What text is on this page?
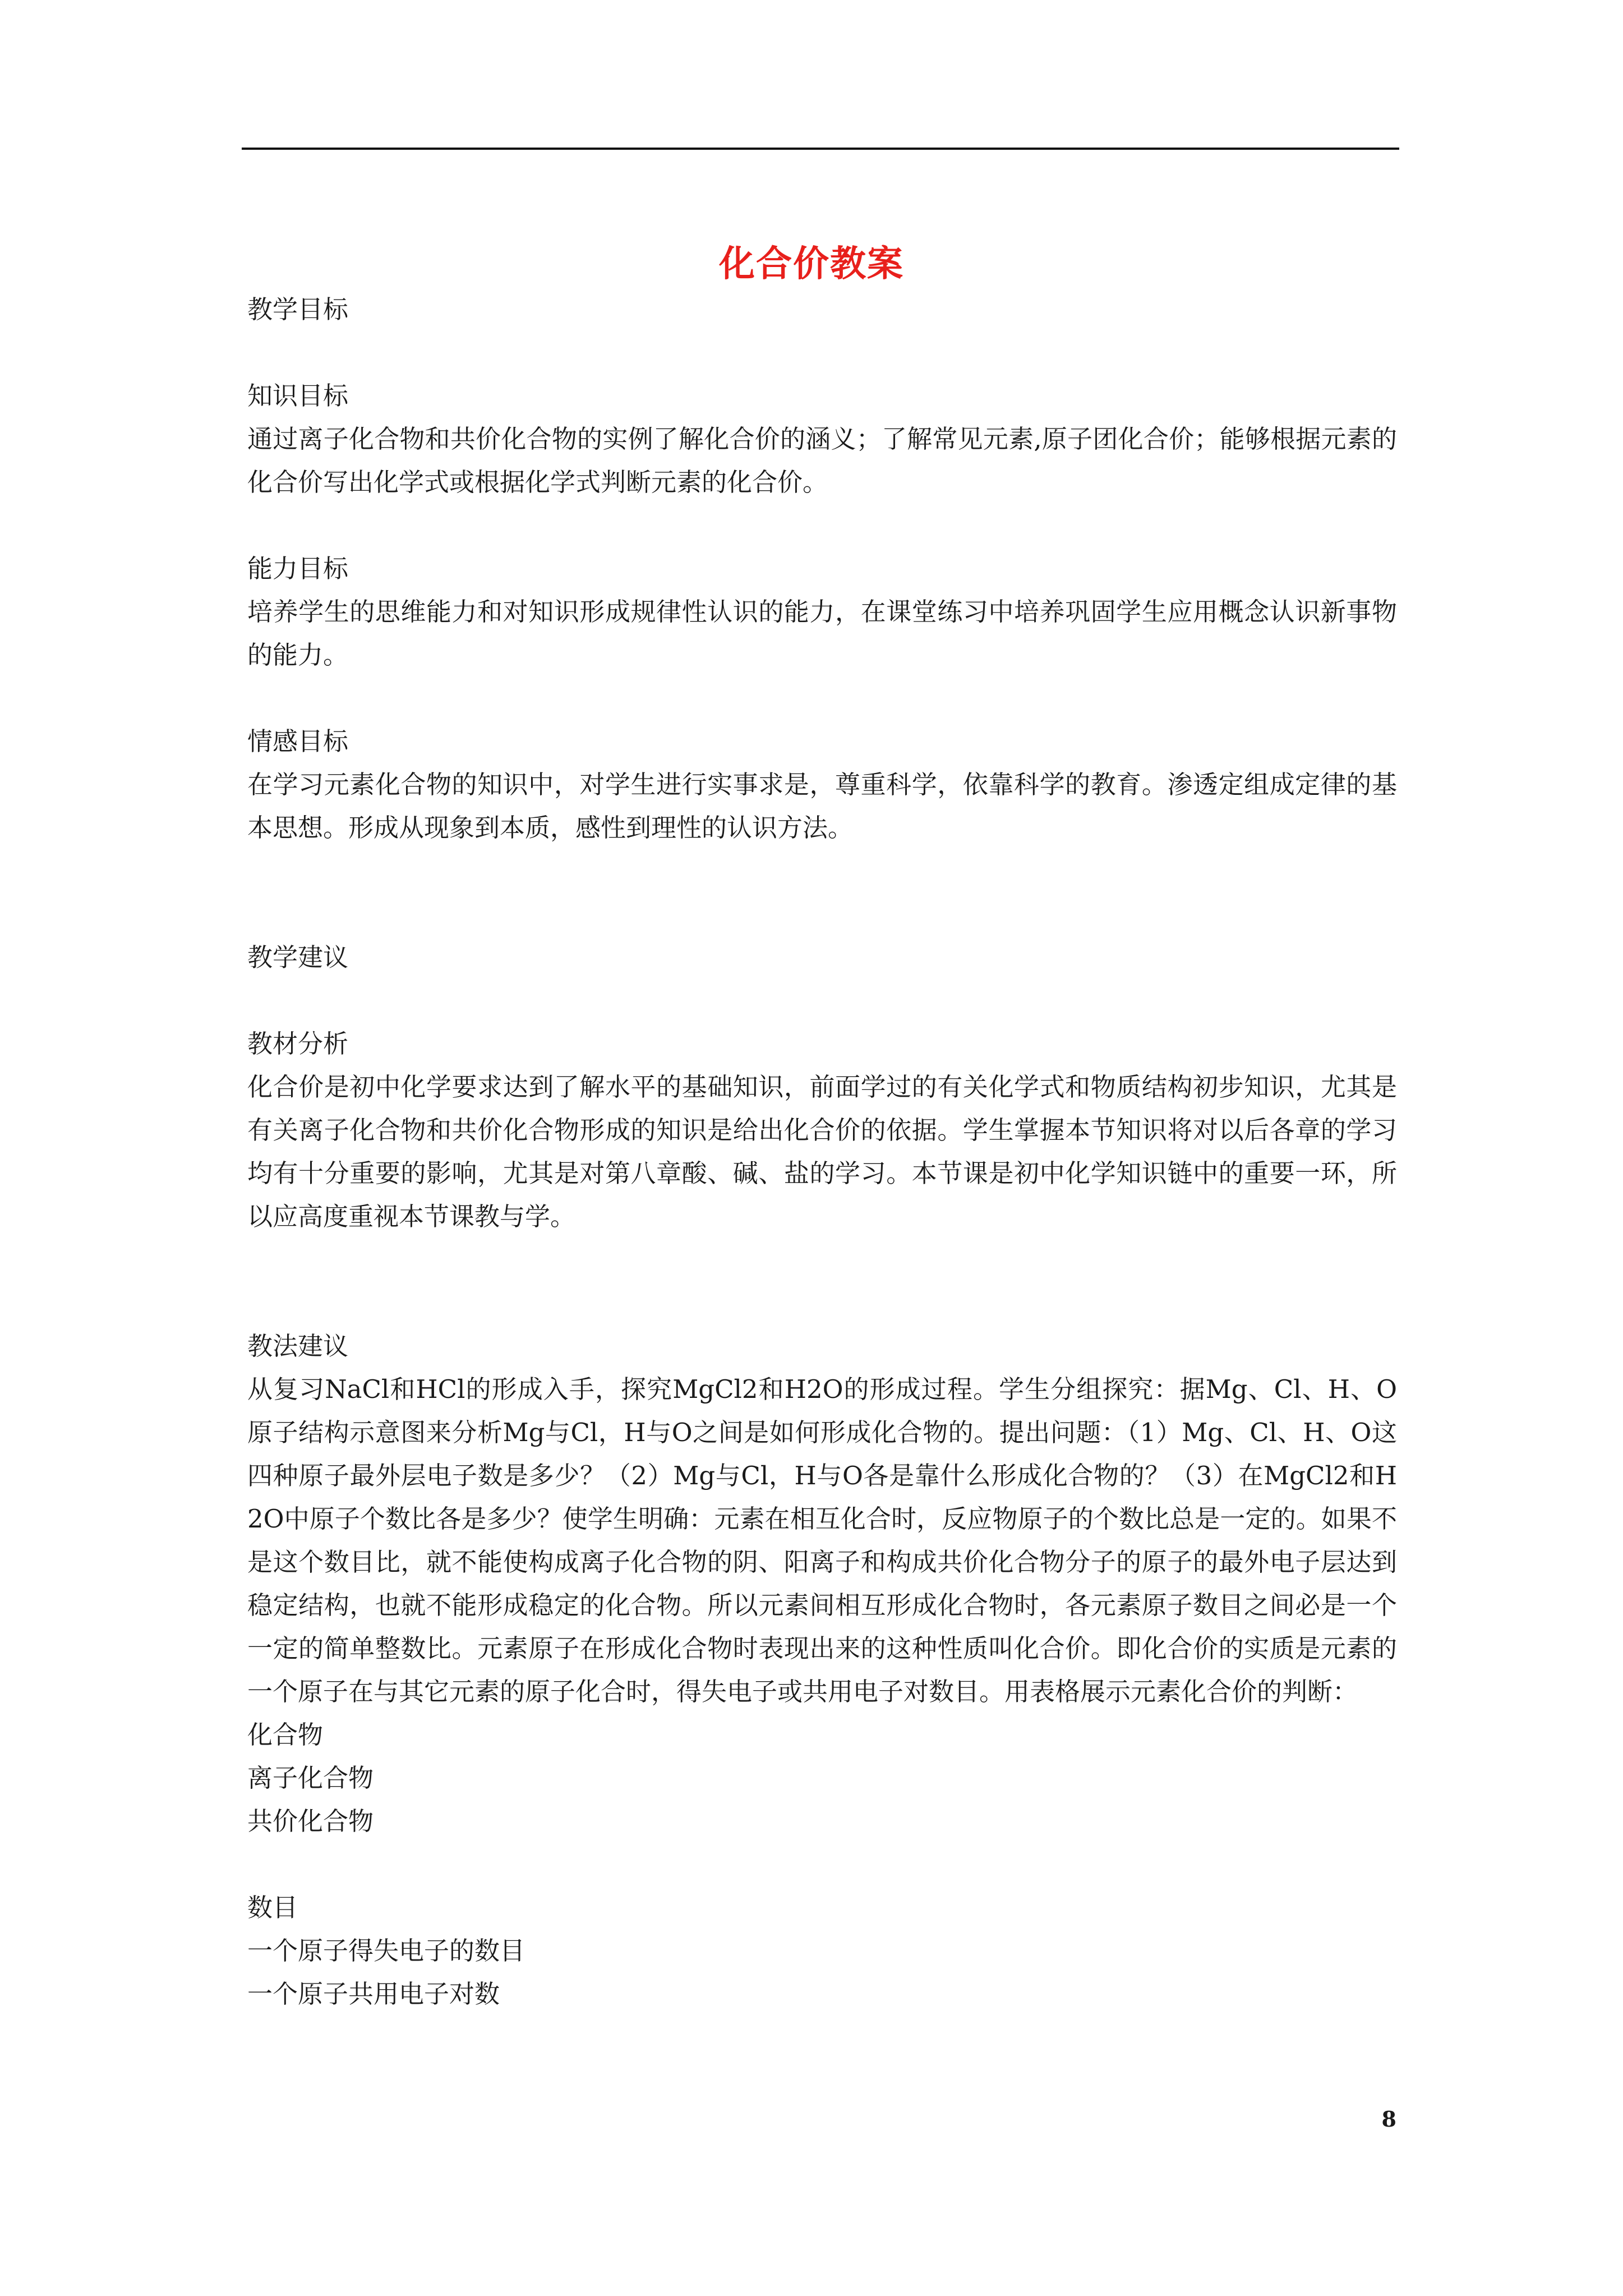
化合价教案

教学目标

知识目标

通过离子化合物和共价化合物的实例了解化合价的涵义；了解常见元素,原子团化合价；能够根据元素的化合价写出化学式或根据化学式判断元素的化合价。

能力目标

培养学生的思维能力和对知识形成规律性认识的能力，在课堂练习中培养巩固学生应用概念认识新事物的能力。

情感目标

在学习元素化合物的知识中，对学生进行实事求是，尊重科学，依靠科学的教育。渗透定组成定律的基本思想。形成从现象到本质，感性到理性的认识方法。

教学建议

教材分析

化合价是初中化学要求达到了解水平的基础知识，前面学过的有关化学式和物质结构初步知识，尤其是有关离子化合物和共价化合物形成的知识是给出化合价的依据。学生掌握本节知识将对以后各章的学习均有十分重要的影响，尤其是对第八章酸、碱、盐的学习。本节课是初中化学知识链中的重要一环，所以应高度重视本节课教与学。

教法建议

从复习NaCl和HCl的形成入手，探究MgCl2和H2O的形成过程。学生分组探究：据Mg、Cl、H、O原子结构示意图来分析Mg与Cl，H与O之间是如何形成化合物的。提出问题：（1）Mg、Cl、H、O这四种原子最外层电子数是多少？（2）Mg与Cl，H与O各是靠什么形成化合物的？（3）在MgCl2和H2O中原子个数比各是多少？使学生明确：元素在相互化合时，反应物原子的个数比总是一定的。如果不是这个数目比，就不能使构成离子化合物的阴、阳离子和构成共价化合物分子的原子的最外电子层达到稳定结构，也就不能形成稳定的化合物。所以元素间相互形成化合物时，各元素原子数目之间必是一个一定的简单整数比。元素原子在形成化合物时表现出来的这种性质叫化合价。即化合价的实质是元素的一个原子在与其它元素的原子化合时，得失电子或共用电子对数目。用表格展示元素化合价的判断：

化合物

离子化合物

共价化合物

数目

一个原子得失电子的数目

一个原子共用电子对数

8
